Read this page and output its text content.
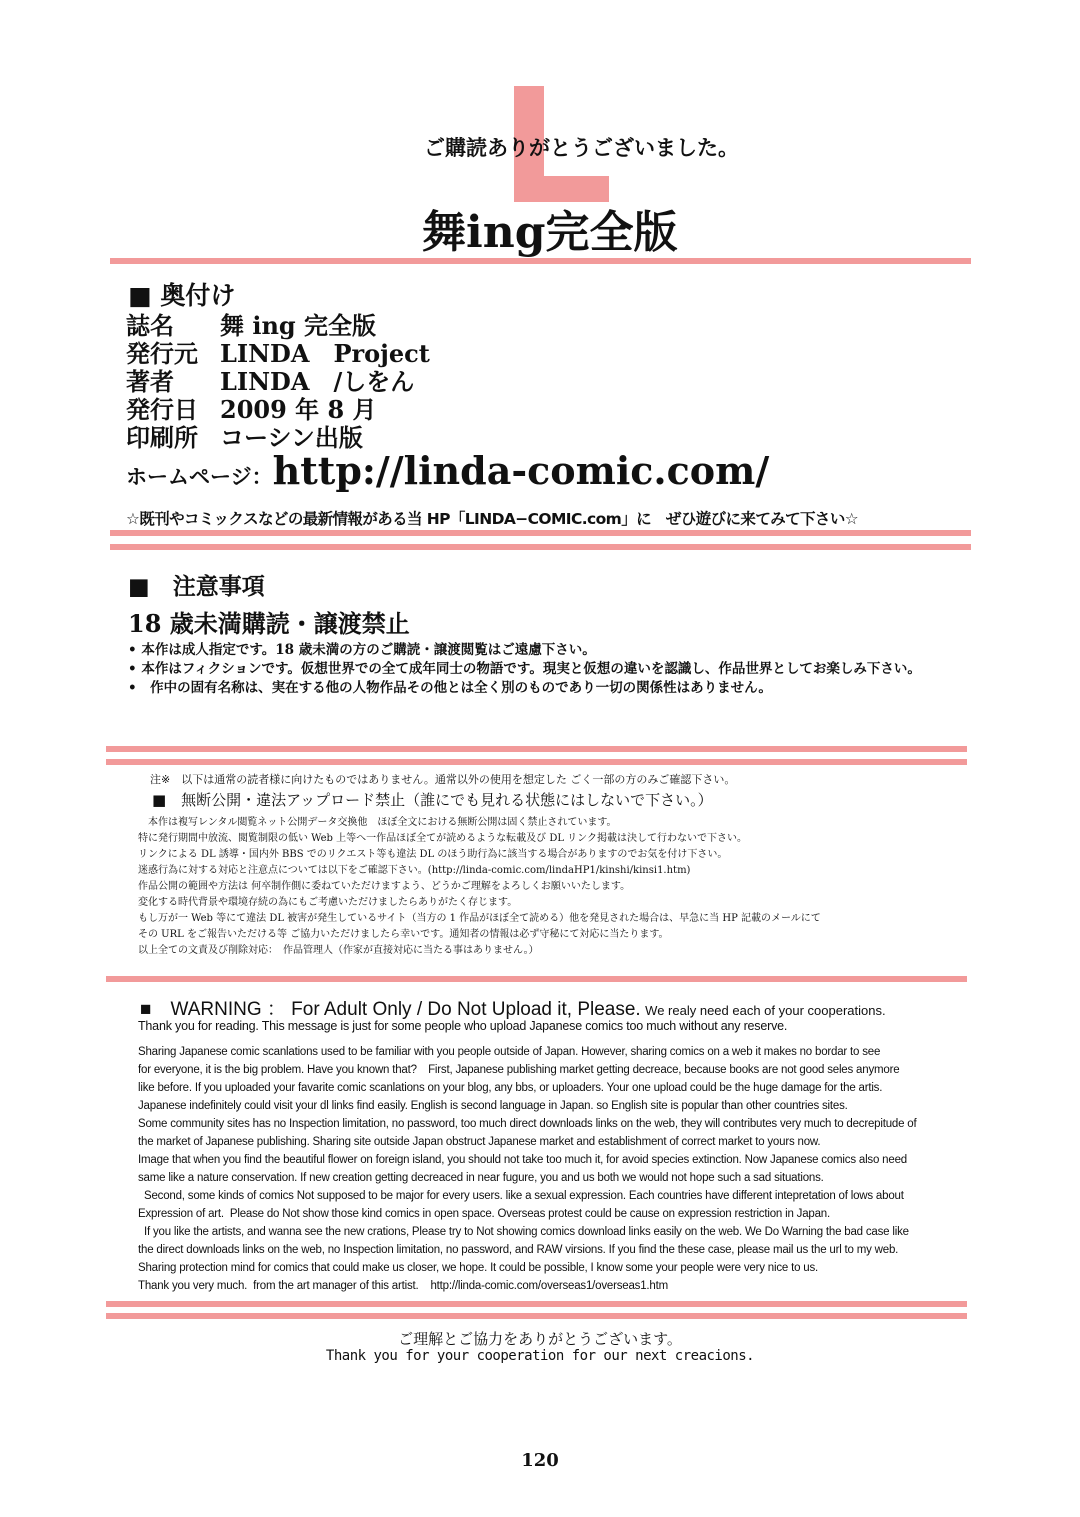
ご購読ありがとうございました。
舞ing完全版
■ 奥付け
誌名 舞 ing 完全版
発行元 LINDA　Project
著者 LINDA　/しをん
発行日 2009 年 8 月
印刷所 コーシン出版
ホームページ：http://linda-comic.com/
☆既刊やコミックスなどの最新情報がある当 HP「LINDA−COMIC.com」に　ぜひ遊びに来てみて下さい☆
■　注意事項
18 歳未満購読・譲渡禁止
• 本作は成人指定です。18 歳未満の方のご購読・譲渡閲覧はご遠慮下さい。
• 本作はフィクションです。仮想世界での全て成年同士の物語です。現実と仮想の違いを認識し、作品世界としてお楽しみ下さい。
•　作中の固有名称は、実在する他の人物作品その他とは全く別のものであり一切の関係性はありません。
注※　以下は通常の読者様に向けたものではありません。通常以外の使用を想定した ごく一部の方のみご確認下さい。
■　無断公開・違法アップロード禁止（誰にでも見れる状態にはしないで下さい。）
　本作は複写レンタル閲覧ネット公開データ交換他　ほぼ全文における無断公開は固く禁止されています。
特に発行期間中放流、閲覧制限の低い Web 上等へ一作品ほぼ全てが読めるような転載及び DL リンク掲載は決して行わないで下さい。
リンクによる DL 誘導・国内外 BBS でのリクエスト等も違法 DL のほう助行為に該当する場合がありますのでお気を付け下さい。
迷惑行為に対する対応と注意点については以下をご確認下さい。(http://linda-comic.com/lindaHP1/kinshi/kinsi1.htm)
作品公開の範囲や方法は 何卒制作側に委ねていただけますよう、どうかご理解をよろしくお願いいたします。
変化する時代背景や環境存続の為にもご考慮いただけましたらありがたく存じます。
もし万が一 Web 等にて違法 DL 被害が発生しているサイト（当方の 1 作品がほぼ全て読める）他を発見された場合は、早急に当 HP 記載のメールにて
その URL をご報告いただける等 ご協力いただけましたら幸いです。通知者の情報は必ず守秘にて対応に当たります。
以上全ての文責及び削除対応：　作品管理人（作家が直接対応に当たる事はありません。）
■　WARNING ： For Adult Only / Do Not Upload it, Please. We realy need each of your cooperations.
Thank you for reading. This message is just for some people who upload Japanese comics too much without any reserve.
Sharing Japanese comic scanlations used to be familiar with you people outside of Japan. However, sharing comics on a web it makes no bordar to see
for everyone, it is the big problem. Have you known that?　First, Japanese publishing market getting decreace, because books are not good seles anymore
like before. If you uploaded your favarite comic scanlations on your blog, any bbs, or uploaders. Your one upload could be the huge damage for the artis.
Japanese indefinitely could visit your dl links find easily. English is second language in Japan. so English site is popular than other countries sites.
Some community sites has no Inspection limitation, no password, too much direct downloads links on the web, they will contributes very much to decrepitude of
the market of Japanese publishing. Sharing site outside Japan obstruct Japanese market and establishment of correct market to yours now.
Image that when you find the beautiful flower on foreign island, you should not take too much it, for avoid species extinction. Now Japanese comics also need
same like a nature conservation. If new creation getting decreaced in near fugure, you and us both we would not hope such a sad situations.
Second, some kinds of comics Not supposed to be major for every users. like a sexual expression. Each countries have different intepretation of lows about
Expression of art.  Please do Not show those kind comics in open space. Overseas protest could be cause on expression restriction in Japan.
If you like the artists, and wanna see the new crations, Please try to Not showing comics download links easily on the web. We Do Warning the bad case like
the direct downloads links on the web, no Inspection limitation, no password, and RAW virsions. If you find the these case, please mail us the url to my web.
Sharing protection mind for comics that could make us closer, we hope. It could be possible, I know some your people were very nice to us.
Thank you very much.  from the art manager of this artist.    http://linda-comic.com/overseas1/overseas1.htm
ご理解とご協力をありがとうございます。
Thank you for your cooperation for our next creacions.
120
